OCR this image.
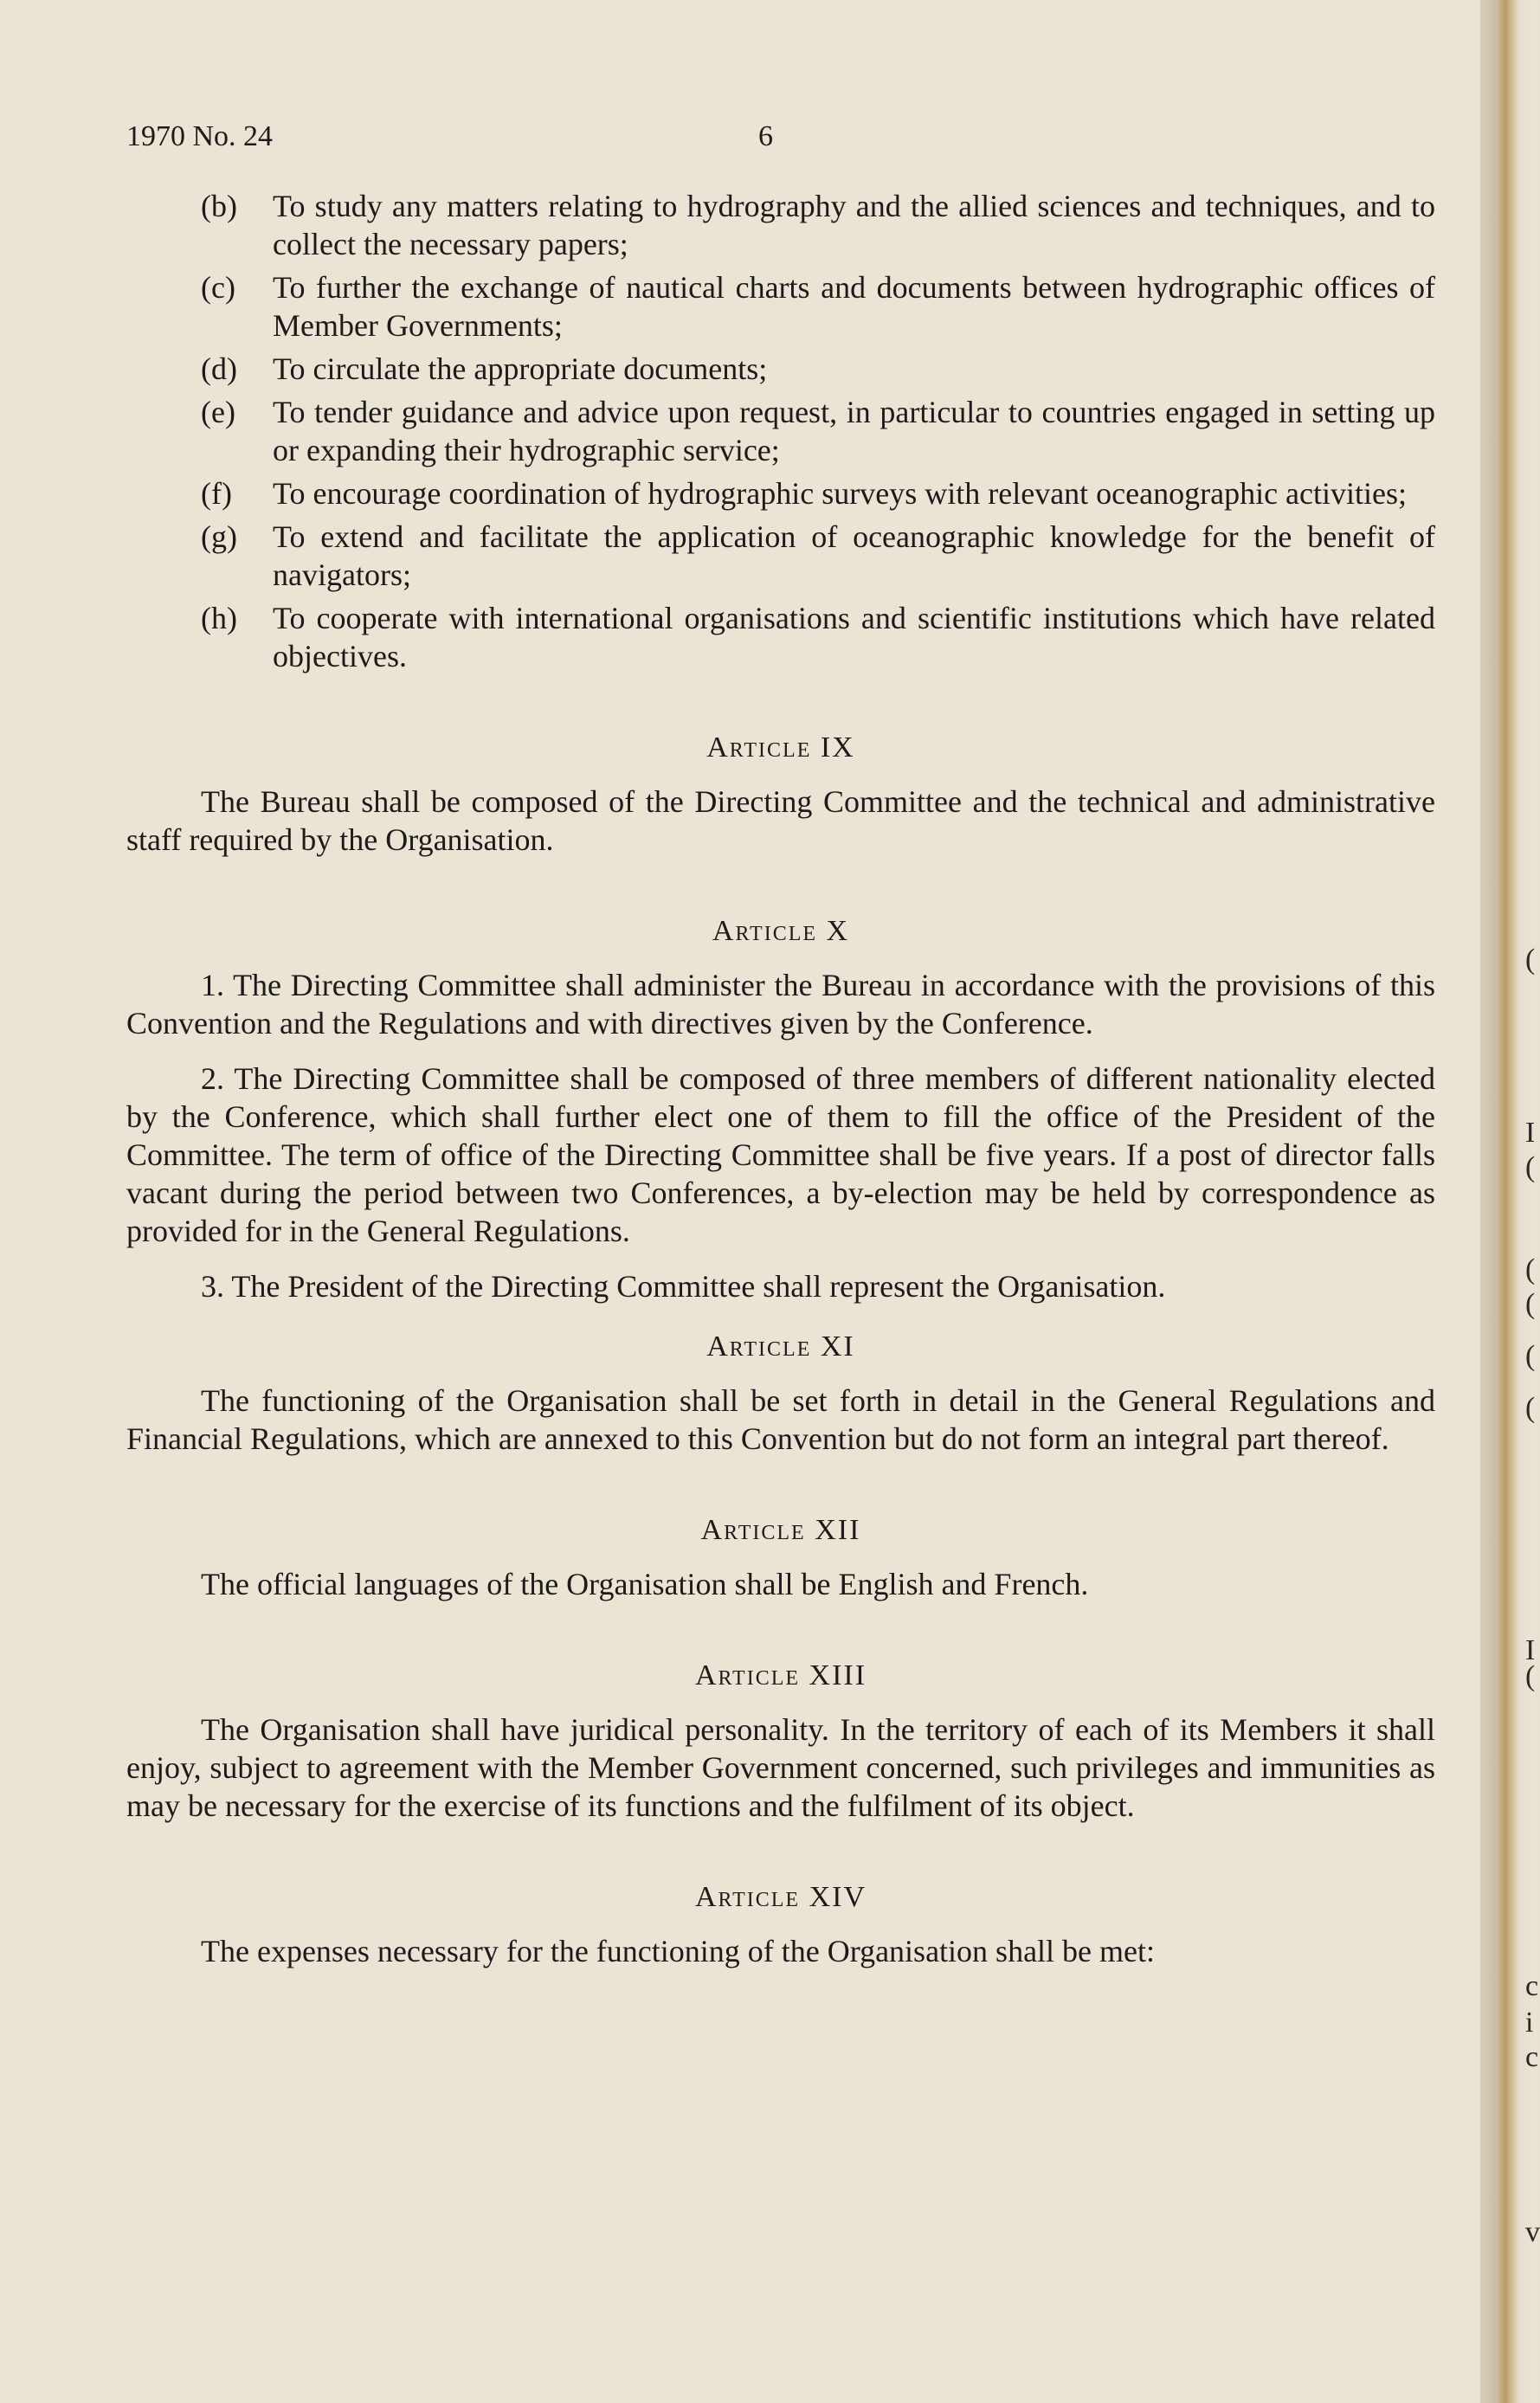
1970 No. 24	6
(b)	To study any matters relating to hydrography and the allied sciences and techniques, and to collect the necessary papers;
(c)	To further the exchange of nautical charts and documents between hydrographic offices of Member Governments;
(d)	To circulate the appropriate documents;
(e)	To tender guidance and advice upon request, in particular to countries engaged in setting up or expanding their hydrographic service;
(f)	To encourage coordination of hydrographic surveys with relevant oceanographic activities;
(g)	To extend and facilitate the application of oceanographic knowledge for the benefit of navigators;
(h)	To cooperate with international organisations and scientific institutions which have related objectives.
Article IX

The Bureau shall be composed of the Directing Committee and the technical and administrative staff required by the Organisation.

Article X

1. The Directing Committee shall administer the Bureau in accordance with the provisions of this Convention and the Regulations and with directives given by the Conference.

2. The Directing Committee shall be composed of three members of different nationality elected by the Conference, which shall further elect one of them to fill the office of the President of the Committee. The term of office of the Directing Committee shall be five years. If a post of director falls vacant during the period between two Conferences, a by-election may be held by correspondence as provided for in the General Regulations.

3. The President of the Directing Committee shall represent the Organisation.

Article XI

The functioning of the Organisation shall be set forth in detail in the General Regulations and Financial Regulations, which are annexed to this Convention but do not form an integral part thereof.

Article XII

The official languages of the Organisation shall be English and French.

Article XIII

The Organisation shall have juridical personality. In the territory of each of its Members it shall enjoy, subject to agreement with the Member Government concerned, such privileges and immunities as may be necessary for the exercise of its functions and the fulfilment of its object.

Article XIV

The expenses necessary for the functioning of the Organisation shall be met:

(
I
(
(
(
(
(
I
(
c
i
c
v
